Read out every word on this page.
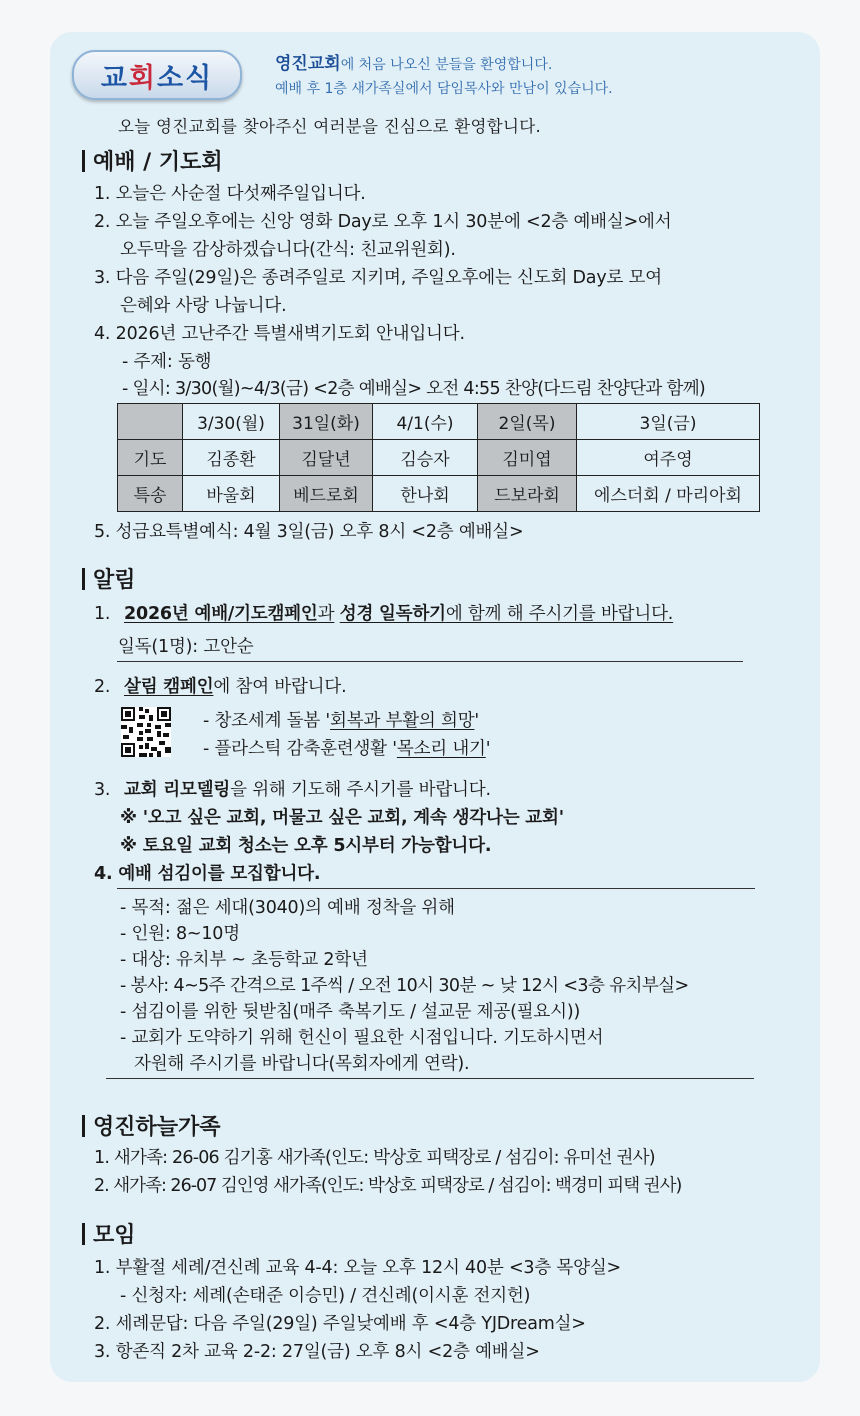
교회소식	영진교회에 처음 나오신 분들을 환영합니다.
예배 후 1층 새가족실에서 담임목사와 만남이 있습니다.
오늘 영진교회를 찾아주신 여러분을 진심으로 환영합니다.
예배 / 기도회
1. 오늘은 사순절 다섯째주일입니다.
2. 오늘 주일오후에는 신앙 영화 Day로 오후 1시 30분에 <2층 예배실>에서
오두막을 감상하겠습니다(간식: 친교위원회).
3. 다음 주일(29일)은 종려주일로 지키며, 주일오후에는 신도회 Day로 모여
은혜와 사랑 나눕니다.
4. 2026년 고난주간 특별새벽기도회 안내입니다.
- 주제: 동행
- 일시: 3/30(월)~4/3(금) <2층 예배실> 오전 4:55 찬양(다드림 찬양단과 함께)
	3/30(월)	31일(화)	4/1(수)	2일(목)	3일(금)
기도	김종환	김달년	김승자	김미엽	여주영
특송	바울회	베드로회	한나회	드보라회	에스더회 / 마리아회
5. 성금요특별예식: 4월 3일(금) 오후 8시 <2층 예배실>
알림
1. 2026년 예배/기도캠페인과 성경 일독하기에 함께 해 주시기를 바랍니다.
일독(1명): 고안순
2. 살림 캠페인에 참여 바랍니다.
- 창조세계 돌봄 '회복과 부활의 희망'
- 플라스틱 감축훈련생활 '목소리 내기'
3. 교회 리모델링을 위해 기도해 주시기를 바랍니다.
※ '오고 싶은 교회, 머물고 싶은 교회, 계속 생각나는 교회'
※ 토요일 교회 청소는 오후 5시부터 가능합니다.
4. 예배 섬김이를 모집합니다.
- 목적: 젊은 세대(3040)의 예배 정착을 위해
- 인원: 8~10명
- 대상: 유치부 ~ 초등학교 2학년
- 봉사: 4~5주 간격으로 1주씩 / 오전 10시 30분 ~ 낮 12시 <3층 유치부실>
- 섬김이를 위한 뒷받침(매주 축복기도 / 설교문 제공(필요시))
- 교회가 도약하기 위해 헌신이 필요한 시점입니다. 기도하시면서
자원해 주시기를 바랍니다(목회자에게 연락).
영진하늘가족
1. 새가족: 26-06 김기홍 새가족(인도: 박상호 피택장로 / 섬김이: 유미선 권사)
2. 새가족: 26-07 김인영 새가족(인도: 박상호 피택장로 / 섬김이: 백경미 피택 권사)
모임
1. 부활절 세례/견신례 교육 4-4: 오늘 오후 12시 40분 <3층 목양실>
- 신청자: 세례(손태준 이승민) / 견신례(이시훈 전지헌)
2. 세례문답: 다음 주일(29일) 주일낮예배 후 <4층 YJDream실>
3. 항존직 2차 교육 2-2: 27일(금) 오후 8시 <2층 예배실>
